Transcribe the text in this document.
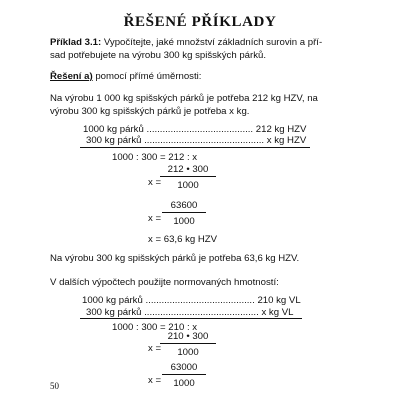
ŘEŠENÉ PŘÍKLADY
Příklad 3.1: Vypočítejte, jaké množství základních surovin a pří-
sad potřebujete na výrobu 300 kg spišských párků.
Řešení a) pomocí přímé úměrnosti:
Na výrobu 1 000 kg spišských párků je potřeba 212 kg HZV, na
výrobu 300 kg spišských párků je potřeba x kg.
1000 kg párků ........................................ 212 kg HZV
300 kg párků ............................................. x kg HZV
1000 : 300 = 212 : x
x =
$\frac{212 • 300}{1000}$
$x = \frac{63600}{1000}$
x = 63,6 kg HZV
Na výrobu 300 kg spišských párků je potřeba 63,6 kg HZV.
V dalších výpočtech použijte normovaných hmotností:
1000 kg párků ......................................... 210 kg VL
300 kg párků ........................................... x kg VL
1000 : 300 = 210 : x
x =
$\frac{210 • 300}{1000}$
$x = \frac{63000}{1000}$
50
